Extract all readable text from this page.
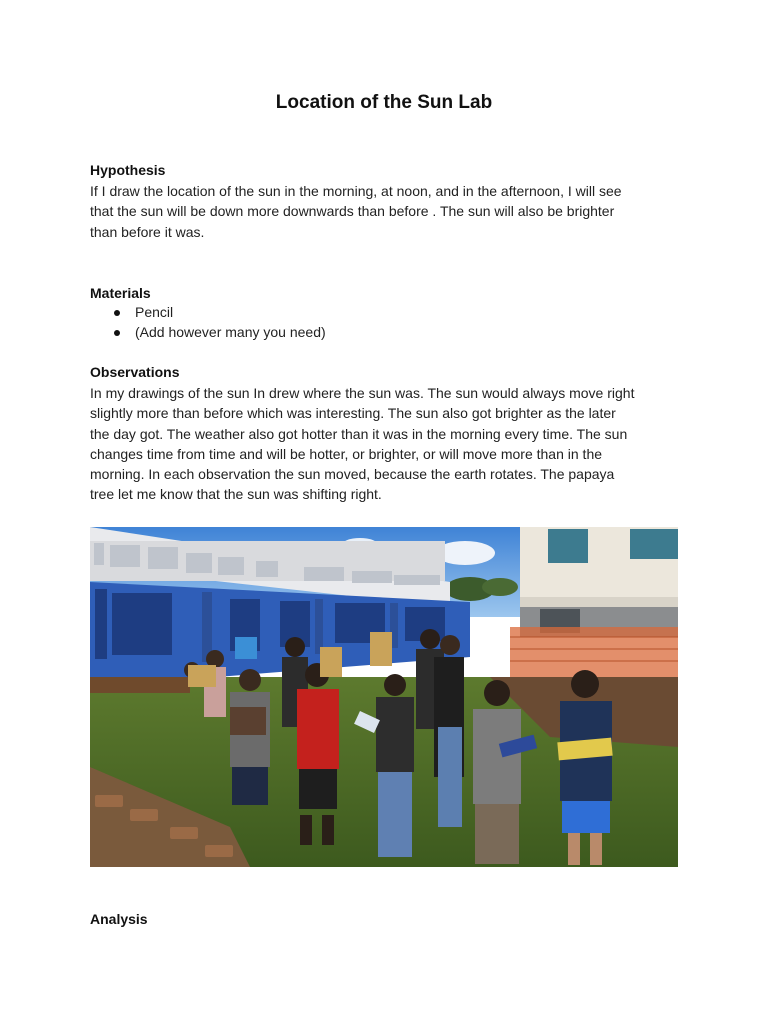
Location of the Sun Lab
Hypothesis
If I draw the location of the sun in the morning, at noon, and in the afternoon, I will see
that the sun will be down more downwards than before . The sun will also be brighter
than before it was.
Materials
Pencil
(Add however many you need)
Observations
In my drawings of the sun In drew where the sun was. The sun would always move right
slightly more than before which was interesting. The sun also got brighter as the later
the day got. The weather also got hotter than it was in the morning every time. The sun
changes time from time and will be hotter, or brighter, or will move more than in the
morning. In each observation the sun moved, because the earth rotates. The papaya
tree let me know that the sun was shifting right.
Analysis
